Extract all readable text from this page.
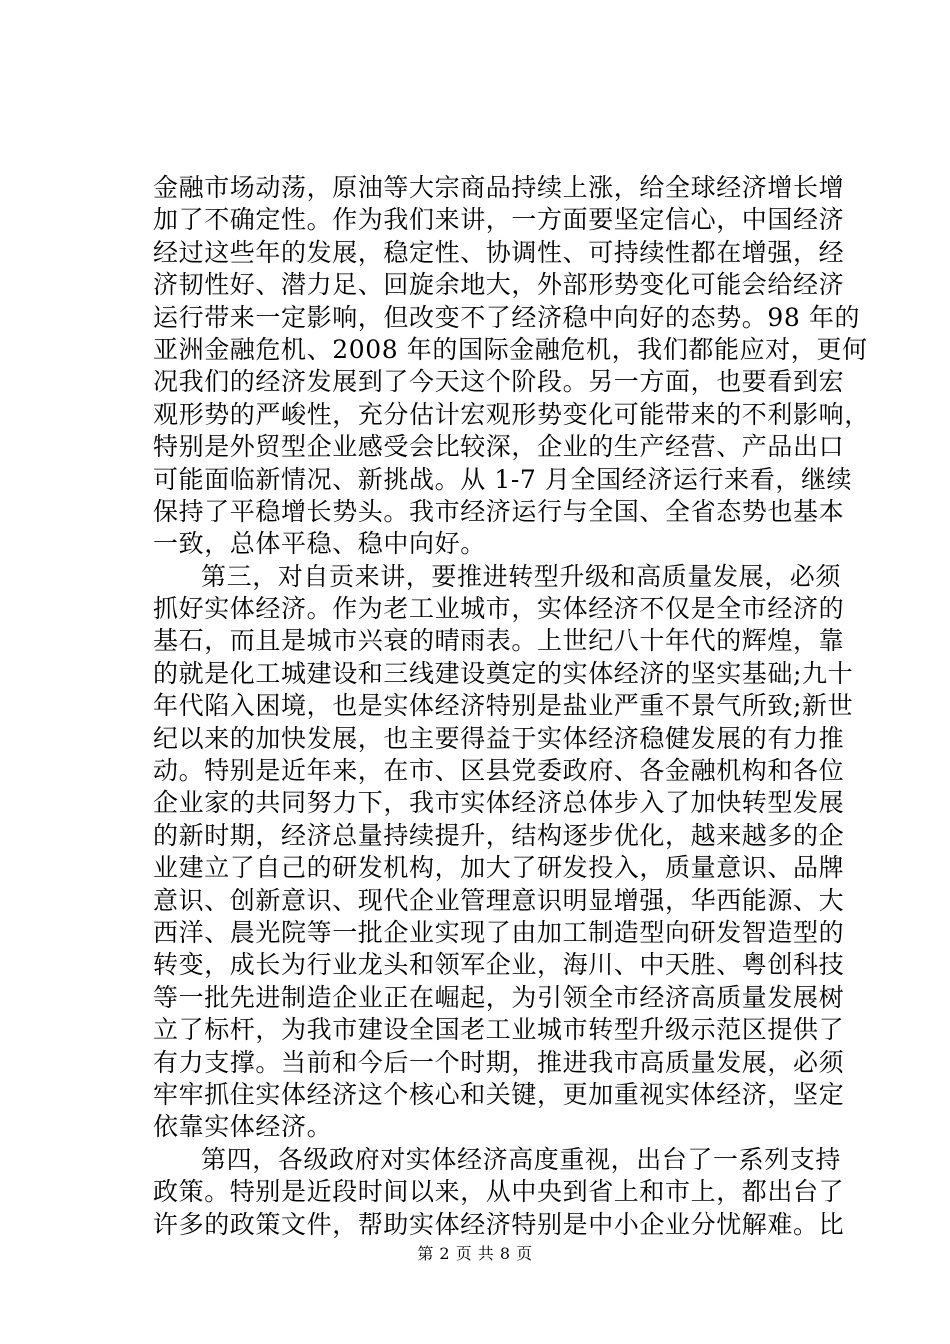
金融市场动荡，原油等大宗商品持续上涨，给全球经济增长增
加了不确定性。作为我们来讲，一方面要坚定信心，中国经济
经过这些年的发展，稳定性、协调性、可持续性都在增强，经
济韧性好、潜力足、回旋余地大，外部形势变化可能会给经济
运行带来一定影响，但改变不了经济稳中向好的态势。98 年的
亚洲金融危机、2008 年的国际金融危机，我们都能应对，更何
况我们的经济发展到了今天这个阶段。另一方面，也要看到宏
观形势的严峻性，充分估计宏观形势变化可能带来的不利影响，
特别是外贸型企业感受会比较深，企业的生产经营、产品出口
可能面临新情况、新挑战。从 1-7 月全国经济运行来看，继续
保持了平稳增长势头。我市经济运行与全国、全省态势也基本
一致，总体平稳、稳中向好。
第三，对自贡来讲，要推进转型升级和高质量发展，必须
抓好实体经济。作为老工业城市，实体经济不仅是全市经济的
基石，而且是城市兴衰的晴雨表。上世纪八十年代的辉煌，靠
的就是化工城建设和三线建设奠定的实体经济的坚实基础;九十
年代陷入困境，也是实体经济特别是盐业严重不景气所致;新世
纪以来的加快发展，也主要得益于实体经济稳健发展的有力推
动。特别是近年来，在市、区县党委政府、各金融机构和各位
企业家的共同努力下，我市实体经济总体步入了加快转型发展
的新时期，经济总量持续提升，结构逐步优化，越来越多的企
业建立了自己的研发机构，加大了研发投入，质量意识、品牌
意识、创新意识、现代企业管理意识明显增强，华西能源、大
西洋、晨光院等一批企业实现了由加工制造型向研发智造型的
转变，成长为行业龙头和领军企业，海川、中天胜、粤创科技
等一批先进制造企业正在崛起，为引领全市经济高质量发展树
立了标杆，为我市建设全国老工业城市转型升级示范区提供了
有力支撑。当前和今后一个时期，推进我市高质量发展，必须
牢牢抓住实体经济这个核心和关键，更加重视实体经济，坚定
依靠实体经济。
第四，各级政府对实体经济高度重视，出台了一系列支持
政策。特别是近段时间以来，从中央到省上和市上，都出台了
许多的政策文件，帮助实体经济特别是中小企业分忧解难。比
第 2 页 共 8 页
